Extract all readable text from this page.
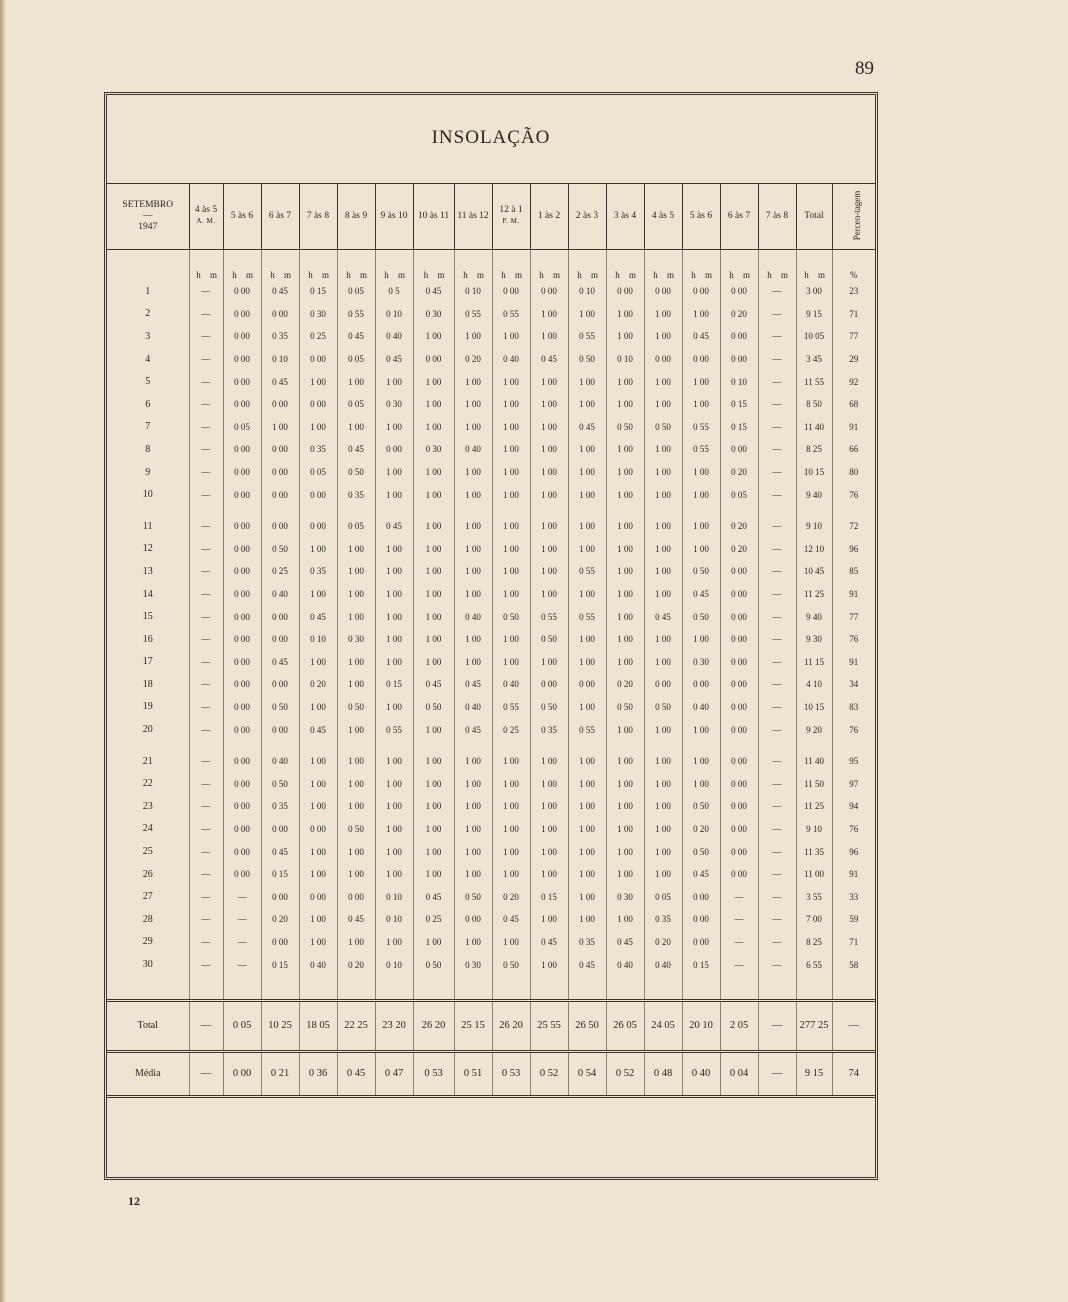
89
INSOLAÇÃO
SETEMBRO
—
1947	4 às 5
A. M.	5 às 6	6 às 7	7 às 8	8 às 9	9 às 10	10 às 11	11 às 12	12 à 1
P. M.	1 às 2	2 às 3	3 às 4	4 às 5	5 às 6	6 às 7	7 às 8	Total	Percen-tagem
	h m	h m	h m	h m	h m	h m	h m	h m	h m	h m	h m	h m	h m	h m	h m	h m	h m	%
1	—	0 00	0 45	0 15	0 05	0 5	0 45	0 10	0 00	0 00	0 10	0 00	0 00	0 00	0 00	—	3 00	23
2	—	0 00	0 00	0 30	0 55	0 10	0 30	0 55	0 55	1 00	1 00	1 00	1 00	1 00	0 20	—	9 15	71
3	—	0 00	0 35	0 25	0 45	0 40	1 00	1 00	1 00	1 00	0 55	1 00	1 00	0 45	0 00	—	10 05	77
4	—	0 00	0 10	0 00	0 05	0 45	0 00	0 20	0 40	0 45	0 50	0 10	0 00	0 00	0 00	—	3 45	29
5	—	0 00	0 45	1 00	1 00	1 00	1 00	1 00	1 00	1 00	1 00	1 00	1 00	1 00	0 10	—	11 55	92
6	—	0 00	0 00	0 00	0 05	0 30	1 00	1 00	1 00	1 00	1 00	1 00	1 00	1 00	0 15	—	8 50	68
7	—	0 05	1 00	1 00	1 00	1 00	1 00	1 00	1 00	1 00	0 45	0 50	0 50	0 55	0 15	—	11 40	91
8	—	0 00	0 00	0 35	0 45	0 00	0 30	0 40	1 00	1 00	1 00	1 00	1 00	0 55	0 00	—	8 25	66
9	—	0 00	0 00	0 05	0 50	1 00	1 00	1 00	1 00	1 00	1 00	1 00	1 00	1 00	0 20	—	10 15	80
10	—	0 00	0 00	0 00	0 35	1 00	1 00	1 00	1 00	1 00	1 00	1 00	1 00	1 00	0 05	—	9 40	76

11	—	0 00	0 00	0 00	0 05	0 45	1 00	1 00	1 00	1 00	1 00	1 00	1 00	1 00	0 20	—	9 10	72
12	—	0 00	0 50	1 00	1 00	1 00	1 00	1 00	1 00	1 00	1 00	1 00	1 00	1 00	0 20	—	12 10	96
13	—	0 00	0 25	0 35	1 00	1 00	1 00	1 00	1 00	1 00	0 55	1 00	1 00	0 50	0 00	—	10 45	85
14	—	0 00	0 40	1 00	1 00	1 00	1 00	1 00	1 00	1 00	1 00	1 00	1 00	0 45	0 00	—	11 25	91
15	—	0 00	0 00	0 45	1 00	1 00	1 00	0 40	0 50	0 55	0 55	1 00	0 45	0 50	0 00	—	9 40	77
16	—	0 00	0 00	0 10	0 30	1 00	1 00	1 00	1 00	0 50	1 00	1 00	1 00	1 00	0 00	—	9 30	76
17	—	0 00	0 45	1 00	1 00	1 00	1 00	1 00	1 00	1 00	1 00	1 00	1 00	0 30	0 00	—	11 15	91
18	—	0 00	0 00	0 20	1 00	0 15	0 45	0 45	0 40	0 00	0 00	0 20	0 00	0 00	0 00	—	4 10	34
19	—	0 00	0 50	1 00	0 50	1 00	0 50	0 40	0 55	0 50	1 00	0 50	0 50	0 40	0 00	—	10 15	83
20	—	0 00	0 00	0 45	1 00	0 55	1 00	0 45	0 25	0 35	0 55	1 00	1 00	1 00	0 00	—	9 20	76

21	—	0 00	0 40	1 00	1 00	1 00	1 00	1 00	1 00	1 00	1 00	1 00	1 00	1 00	0 00	—	11 40	95
22	—	0 00	0 50	1 00	1 00	1 00	1 00	1 00	1 00	1 00	1 00	1 00	1 00	1 00	0 00	—	11 50	97
23	—	0 00	0 35	1 00	1 00	1 00	1 00	1 00	1 00	1 00	1 00	1 00	1 00	0 50	0 00	—	11 25	94
24	—	0 00	0 00	0 00	0 50	1 00	1 00	1 00	1 00	1 00	1 00	1 00	1 00	0 20	0 00	—	9 10	76
25	—	0 00	0 45	1 00	1 00	1 00	1 00	1 00	1 00	1 00	1 00	1 00	1 00	0 50	0 00	—	11 35	96
26	—	0 00	0 15	1 00	1 00	1 00	1 00	1 00	1 00	1 00	1 00	1 00	1 00	0 45	0 00	—	11 00	91
27	—	—	0 00	0 00	0 00	0 10	0 45	0 50	0 20	0 15	1 00	0 30	0 05	0 00	—	—	3 55	33
28	—	—	0 20	1 00	0 45	0 10	0 25	0 00	0 45	1 00	1 00	1 00	0 35	0 00	—	—	7 00	59
29	—	—	0 00	1 00	1 00	1 00	1 00	1 00	1 00	0 45	0 35	0 45	0 20	0 00	—	—	8 25	71
30	—	—	0 15	0 40	0 20	0 10	0 50	0 30	0 50	1 00	0 45	0 40	0 40	0 15	—	—	6 55	58

Total	—	0 05	10 25	18 05	22 25	23 20	26 20	25 15	26 20	25 55	26 50	26 05	24 05	20 10	2 05	—	277 25	—
Média	—	0 00	0 21	0 36	0 45	0 47	0 53	0 51	0 53	0 52	0 54	0 52	0 48	0 40	0 04	—	9 15	74
12
